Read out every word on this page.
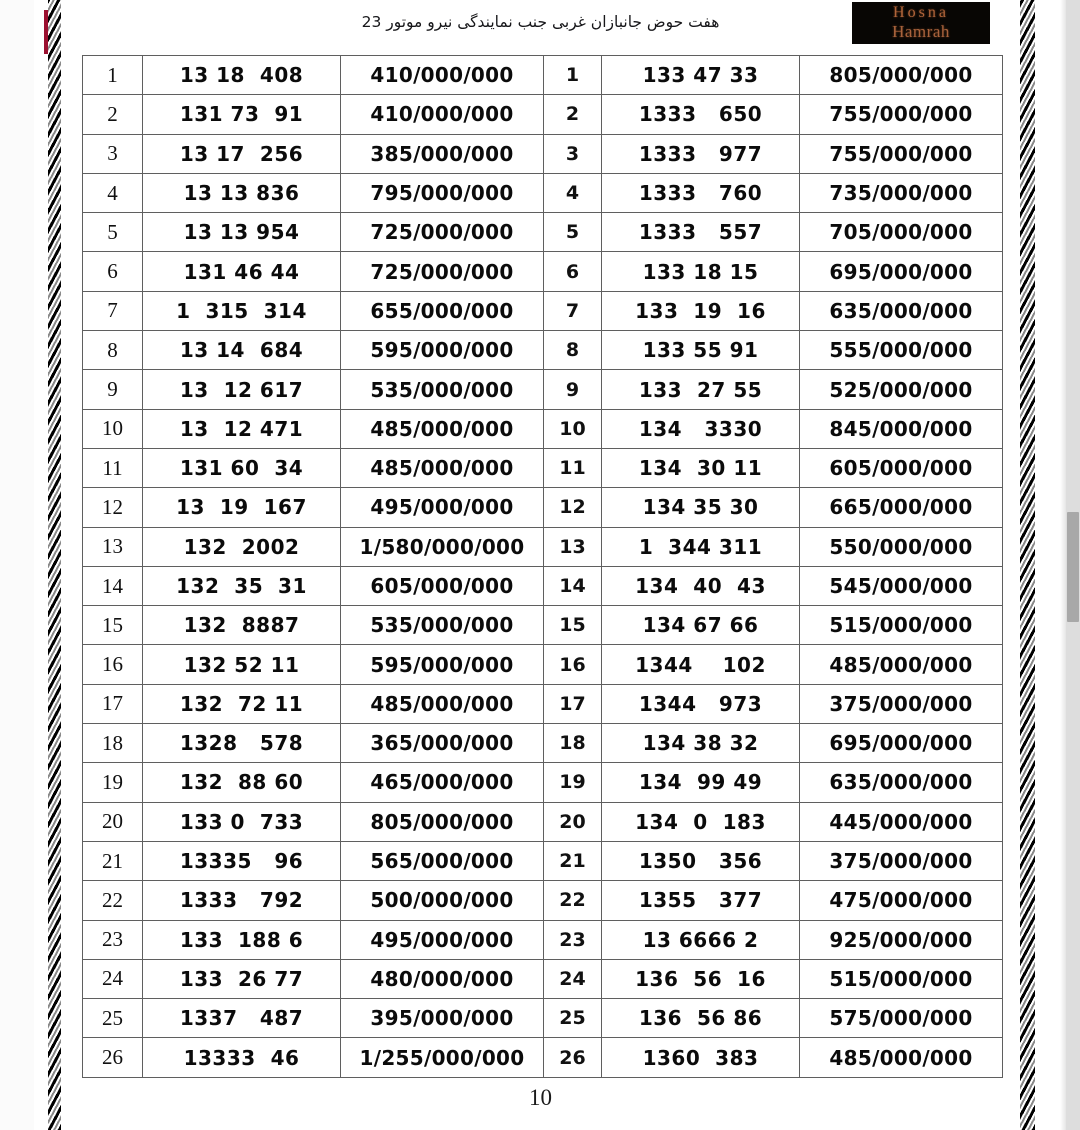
هفت حوض جانبازان غربی جنب نمایندگی نیرو موتور 23
Hosna
Hamrah
1	13 18  408	410/000/000	1	133 47 33	805/000/000
2	131 73  91	410/000/000	2	1333   650	755/000/000
3	13 17  256	385/000/000	3	1333   977	755/000/000
4	13 13 836	795/000/000	4	1333   760	735/000/000
5	13 13 954	725/000/000	5	1333   557	705/000/000
6	131 46 44	725/000/000	6	133 18 15	695/000/000
7	1  315  314	655/000/000	7	133  19  16	635/000/000
8	13 14  684	595/000/000	8	133 55 91	555/000/000
9	13  12 617	535/000/000	9	133  27 55	525/000/000
10	13  12 471	485/000/000	10	134   3330	845/000/000
11	131 60  34	485/000/000	11	134  30 11	605/000/000
12	13  19  167	495/000/000	12	134 35 30	665/000/000
13	132  2002	1/580/000/000	13	1  344 311	550/000/000
14	132  35  31	605/000/000	14	134  40  43	545/000/000
15	132  8887	535/000/000	15	134 67 66	515/000/000
16	132 52 11	595/000/000	16	1344    102	485/000/000
17	132  72 11	485/000/000	17	1344   973	375/000/000
18	1328   578	365/000/000	18	134 38 32	695/000/000
19	132  88 60	465/000/000	19	134  99 49	635/000/000
20	133 0  733	805/000/000	20	134  0  183	445/000/000
21	13335   96	565/000/000	21	1350   356	375/000/000
22	1333   792	500/000/000	22	1355   377	475/000/000
23	133  188 6	495/000/000	23	13 6666 2	925/000/000
24	133  26 77	480/000/000	24	136  56  16	515/000/000
25	1337   487	395/000/000	25	136  56 86	575/000/000
26	13333  46	1/255/000/000	26	1360  383	485/000/000
10
